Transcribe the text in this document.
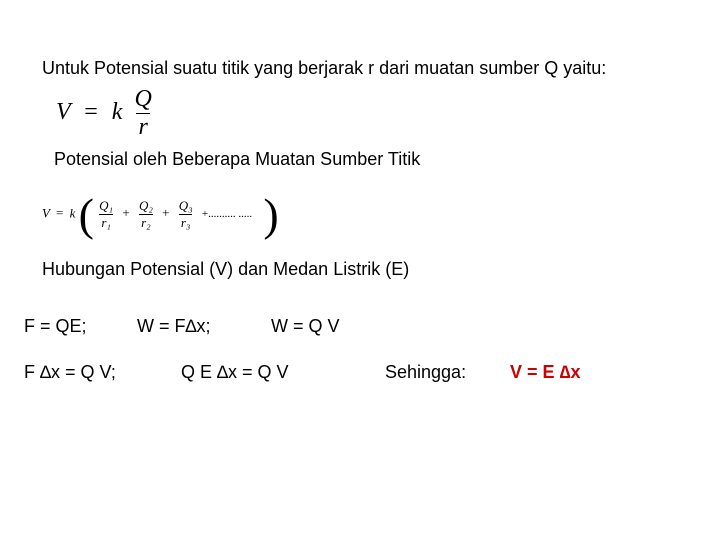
Untuk Potensial suatu titik yang berjarak r dari muatan sumber Q yaitu:
V = k $\frac{Q}{r}$
Potensial oleh Beberapa Muatan Sumber Titik
V = k ( $\frac{\text{Q₁}}{\text{r₁}} + \frac{\text{Q₂}}{\text{r₂}} + \frac{\text{Q₃}}{\text{r₃}}$ +.......... ..... )
Hubungan Potensial (V) dan Medan Listrik (E)
F = QE;	W = F∆x;	W = Q V
F ∆x = Q V;	Q E ∆x = Q V	Sehingga: V = E ∆x
